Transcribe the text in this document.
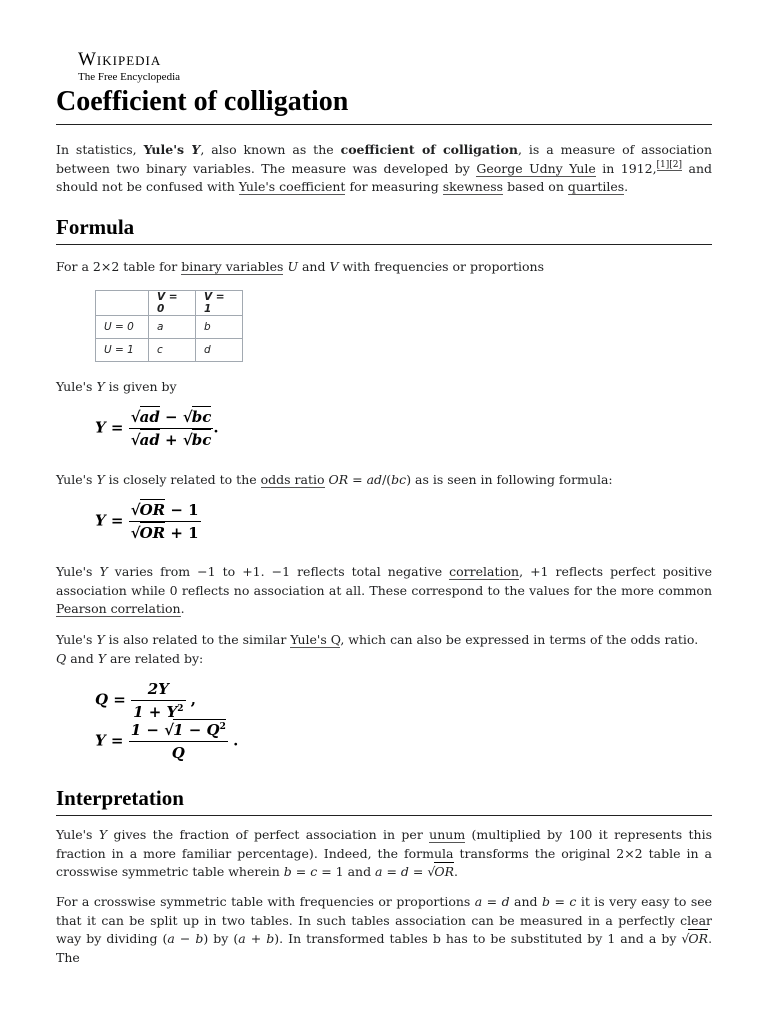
Wikipedia
The Free Encyclopedia
Coefficient of colligation

In statistics, Yule's Y, also known as the coefficient of colligation, is a measure of association between two binary variables. The measure was developed by George Udny Yule in 1912,[1][2] and should not be confused with Yule's coefficient for measuring skewness based on quartiles.

Formula

For a 2×2 table for binary variables U and V with frequencies or proportions

	V = 0	V = 1
U = 0	a	b
U = 1	c	d

Yule's Y is given by

$Y = \frac{√ad - √bc}{√ad + √bc}$ .

Yule's Y is closely related to the odds ratio OR = ad/(bc) as is seen in following formula:

$Y = \frac{√OR - 1}{√OR + 1}$

Yule's Y varies from −1 to +1. −1 reflects total negative correlation, +1 reflects perfect positive association while 0 reflects no association at all. These correspond to the values for the more common Pearson correlation.

Yule's Y is also related to the similar Yule's Q, which can also be expressed in terms of the odds ratio. Q and Y are related by:

$Q = \frac{2Y}{1 + Y^2}$ ,
$Y = \frac{1 - √1 - Q^2}{Q}$ .
Interpretation

Yule's Y gives the fraction of perfect association in per unum (multiplied by 100 it represents this fraction in a more familiar percentage). Indeed, the formula transforms the original 2×2 table in a crosswise symmetric table wherein b = c = 1 and a = d = √OR.

For a crosswise symmetric table with frequencies or proportions a = d and b = c it is very easy to see that it can be split up in two tables. In such tables association can be measured in a perfectly clear way by dividing (a − b) by (a + b). In transformed tables b has to be substituted by 1 and a by √OR. The
